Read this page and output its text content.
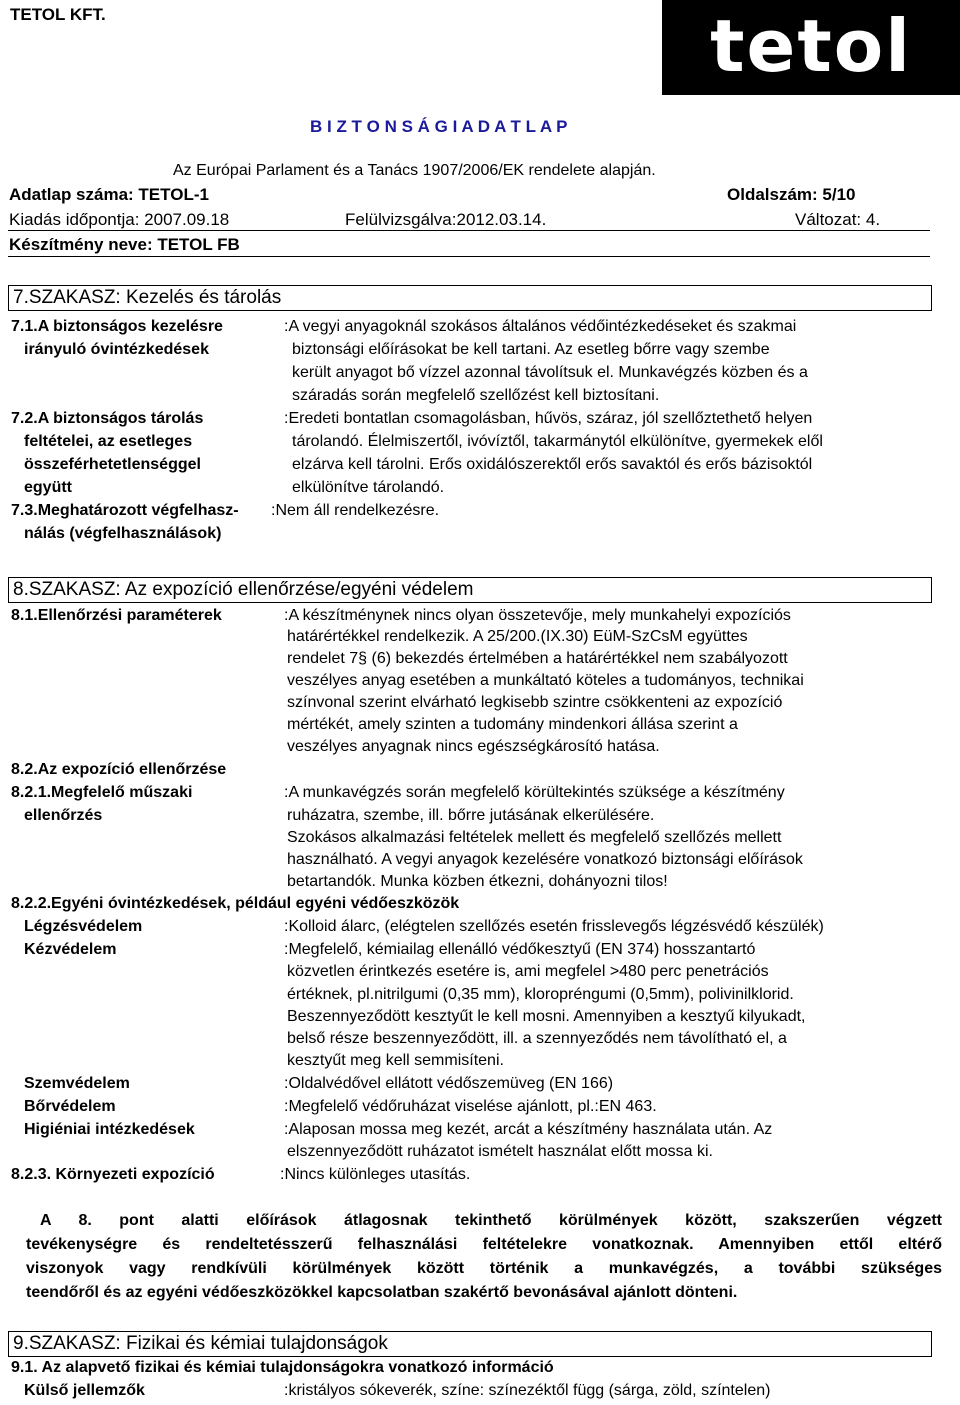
TETOL KFT.	tetol
B I Z T O N S Á G I A D A T L A P
Az Európai Parlament és a Tanács 1907/2006/EK rendelete alapján.
Adatlap száma: TETOL-1	Oldalszám: 5/10
Kiadás időpontja: 2007.09.18	Felülvizsgálva:2012.03.14.	Változat: 4.
Készítmény neve: TETOL FB
7.SZAKASZ: Kezelés és tárolás
7.1.A biztonságos kezelésre
irányuló óvintézkedések
:A vegyi anyagoknál szokásos általános védőintézkedéseket és szakmai
biztonsági előírásokat be kell tartani. Az esetleg bőrre vagy szembe
került anyagot bő vízzel azonnal távolítsuk el. Munkavégzés közben és a
száradás során megfelelő szellőzést kell biztosítani.
7.2.A biztonságos tárolás
feltételei, az esetleges
összeférhetetlenséggel
együtt
:Eredeti bontatlan csomagolásban, hűvös, száraz, jól szellőztethető helyen
tárolandó. Élelmiszertől, ivóvíztől, takarmánytól elkülönítve, gyermekek elől
elzárva kell tárolni. Erős oxidálószerektől erős savaktól és erős bázisoktól
elkülönítve tárolandó.
7.3.Meghatározott végfelhasz-
nálás (végfelhasználások)
:Nem áll rendelkezésre.
8.SZAKASZ: Az expozíció ellenőrzése/egyéni védelem
8.1.Ellenőrzési paraméterek	:A készítménynek nincs olyan összetevője, mely munkahelyi expozíciós
határértékkel rendelkezik. A 25/200.(IX.30) EüM-SzCsM együttes
rendelet 7§ (6) bekezdés értelmében a határértékkel nem szabályozott
veszélyes anyag esetében a munkáltató köteles a tudományos, technikai
színvonal szerint elvárható legkisebb szintre csökkenteni az expozíció
mértékét, amely szinten a tudomány mindenkori állása szerint a
veszélyes anyagnak nincs egészségkárosító hatása.
8.2.Az expozíció ellenőrzése
8.2.1.Megfelelő műszaki
ellenőrzés
:A munkavégzés során megfelelő körültekintés szüksége a készítmény
ruházatra, szembe, ill. bőrre jutásának elkerülésére.
Szokásos alkalmazási feltételek mellett és megfelelő szellőzés mellett
használható. A vegyi anyagok kezelésére vonatkozó biztonsági előírások
betartandók. Munka közben étkezni, dohányozni tilos!
8.2.2.Egyéni óvintézkedések, például egyéni védőeszközök
Légzésvédelem	:Kolloid álarc, (elégtelen szellőzés esetén frisslevegős légzésvédő készülék)
Kézvédelem	:Megfelelő, kémiailag ellenálló védőkesztyű (EN 374) hosszantartó
közvetlen érintkezés esetére is, ami megfelel >480 perc penetrációs
értéknek, pl.nitrilgumi (0,35 mm), kloropréngumi (0,5mm), polivinilklorid.
Beszennyeződött kesztyűt le kell mosni. Amennyiben a kesztyű kilyukadt,
belső része beszennyeződött, ill. a szennyeződés nem távolítható el, a
kesztyűt meg kell semmisíteni.
Szemvédelem	:Oldalvédővel ellátott védőszemüveg (EN 166)
Bőrvédelem	:Megfelelő védőruházat viselése ajánlott, pl.:EN 463.
Higiéniai intézkedések	:Alaposan mossa meg kezét, arcát a készítmény használata után. Az
elszennyeződött ruházatot ismételt használat előtt mossa ki.
8.2.3. Környezeti expozíció	:Nincs különleges utasítás.
A 8. pont alatti előírások átlagosnak tekinthető körülmények között, szakszerűen végzett
tevékenységre és rendeltetésszerű felhasználási feltételekre vonatkoznak. Amennyiben ettől eltérő
viszonyok vagy rendkívüli körülmények között történik a munkavégzés, a további szükséges
teendőről és az egyéni védőeszközökkel kapcsolatban szakértő bevonásával ajánlott dönteni.
9.SZAKASZ: Fizikai és kémiai tulajdonságok
9.1. Az alapvető fizikai és kémiai tulajdonságokra vonatkozó információ
Külső jellemzők	:kristályos sókeverék, színe: színezéktől függ (sárga, zöld, színtelen)
